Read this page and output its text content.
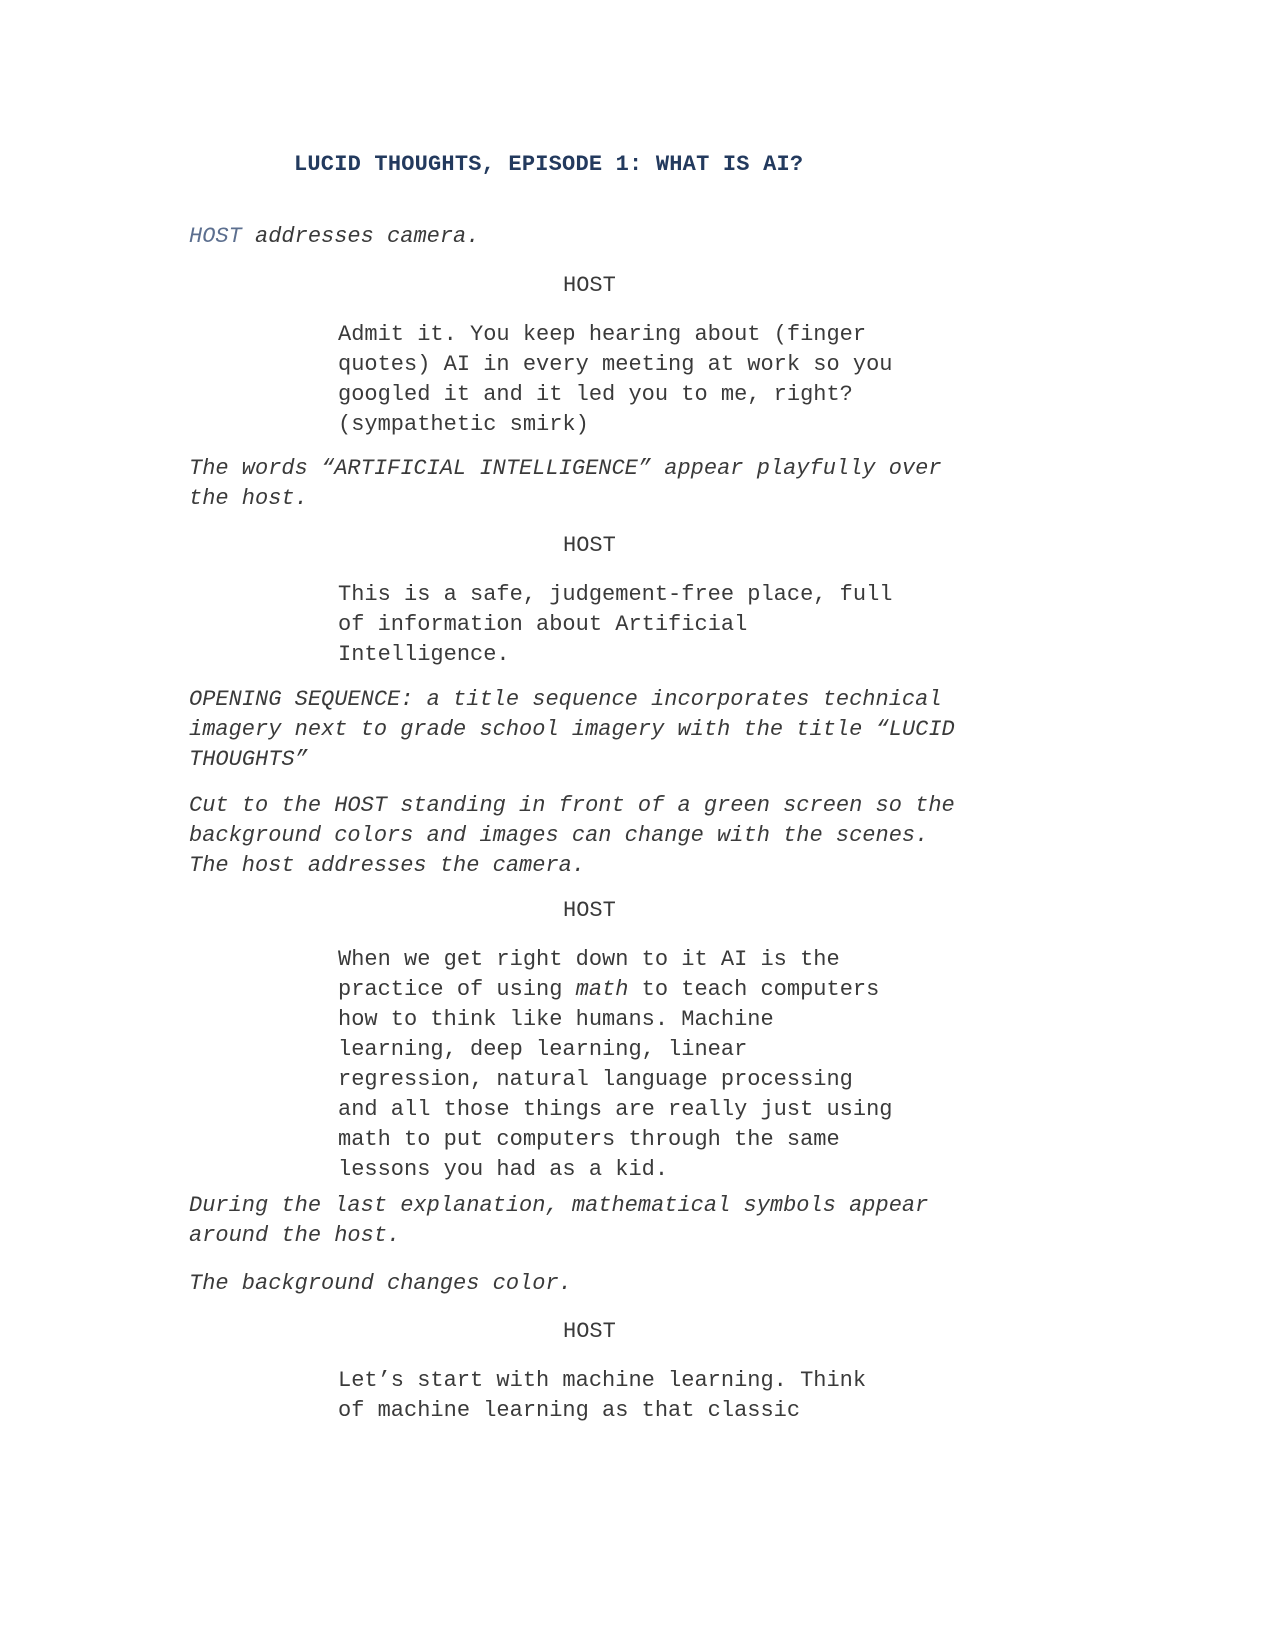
LUCID THOUGHTS, EPISODE 1: WHAT IS AI?

HOST addresses camera.

HOST

Admit it. You keep hearing about (finger
quotes) AI in every meeting at work so you
googled it and it led you to me, right?
(sympathetic smirk)

The words “ARTIFICIAL INTELLIGENCE” appear playfully over
the host.

HOST

This is a safe, judgement-free place, full
of information about Artificial
Intelligence.

OPENING SEQUENCE: a title sequence incorporates technical
imagery next to grade school imagery with the title “LUCID
THOUGHTS”

Cut to the HOST standing in front of a green screen so the
background colors and images can change with the scenes.
The host addresses the camera.

HOST

When we get right down to it AI is the
practice of using math to teach computers
how to think like humans. Machine
learning, deep learning, linear
regression, natural language processing
and all those things are really just using
math to put computers through the same
lessons you had as a kid.

During the last explanation, mathematical symbols appear
around the host.

The background changes color.

HOST

Let’s start with machine learning. Think
of machine learning as that classic
